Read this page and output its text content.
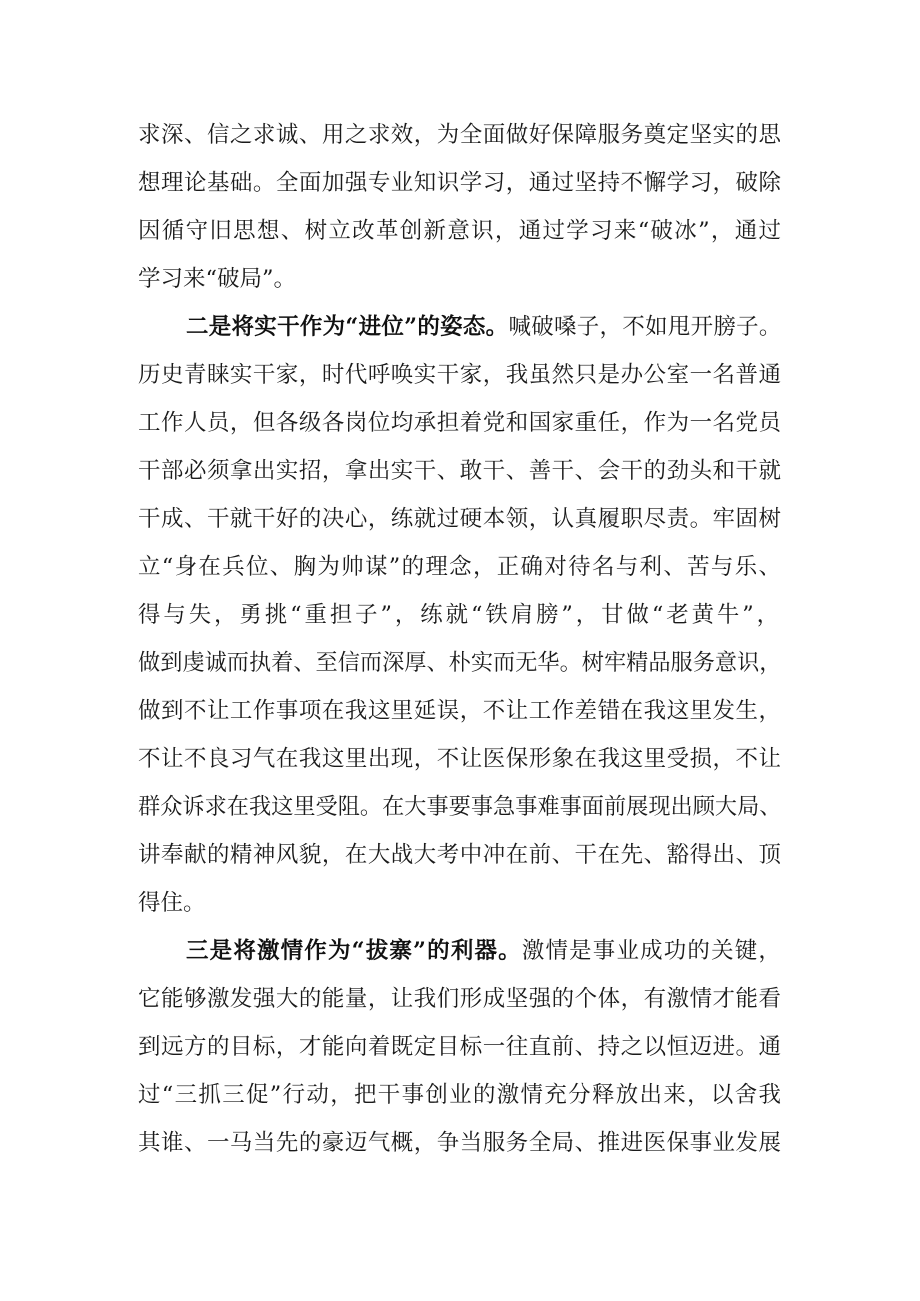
求深、信之求诚、用之求效，为全面做好保障服务奠定坚实的思
想理论基础。全面加强专业知识学习，通过坚持不懈学习，破除
因循守旧思想、树立改革创新意识，通过学习来“破冰”，通过
学习来“破局”。
二是将实干作为“进位”的姿态。喊破嗓子，不如甩开膀子。
历史青睐实干家，时代呼唤实干家，我虽然只是办公室一名普通
工作人员，但各级各岗位均承担着党和国家重任，作为一名党员
干部必须拿出实招，拿出实干、敢干、善干、会干的劲头和干就
干成、干就干好的决心，练就过硬本领，认真履职尽责。牢固树
立“身在兵位、胸为帅谋”的理念，正确对待名与利、苦与乐、
得与失，勇挑“重担子”，练就“铁肩膀”，甘做“老黄牛”，
做到虔诚而执着、至信而深厚、朴实而无华。树牢精品服务意识，
做到不让工作事项在我这里延误，不让工作差错在我这里发生，
不让不良习气在我这里出现，不让医保形象在我这里受损，不让
群众诉求在我这里受阻。在大事要事急事难事面前展现出顾大局、
讲奉献的精神风貌，在大战大考中冲在前、干在先、豁得出、顶
得住。
三是将激情作为“拔寨”的利器。激情是事业成功的关键，
它能够激发强大的能量，让我们形成坚强的个体，有激情才能看
到远方的目标，才能向着既定目标一往直前、持之以恒迈进。通
过“三抓三促”行动，把干事创业的激情充分释放出来，以舍我
其谁、一马当先的豪迈气概，争当服务全局、推进医保事业发展
